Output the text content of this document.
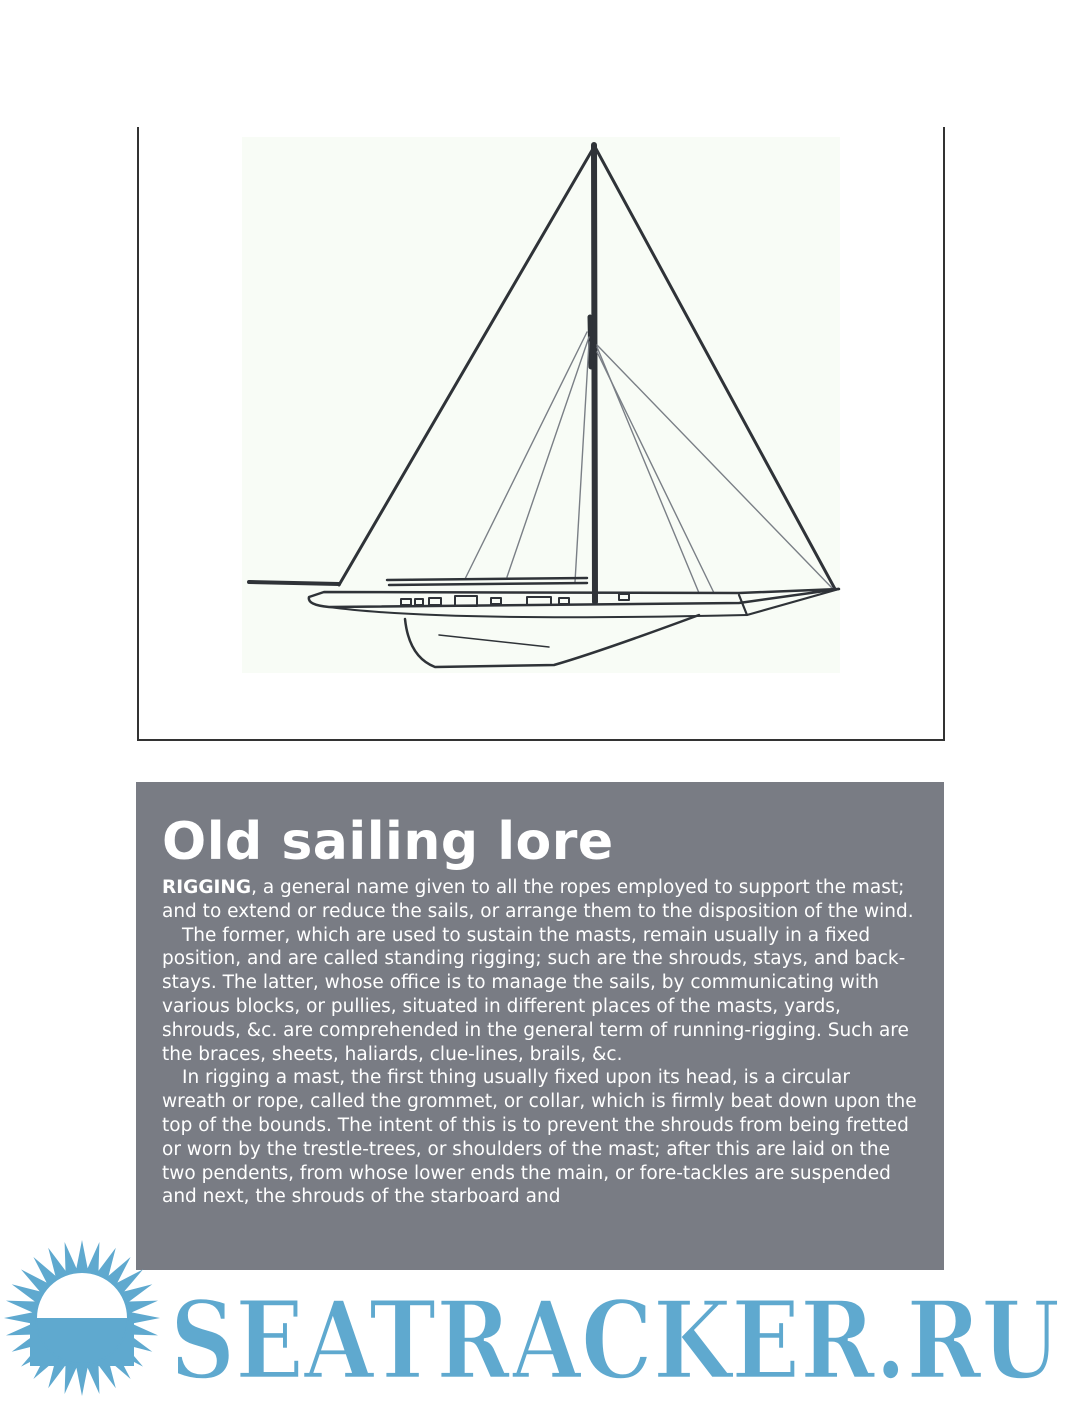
Old sailing lore

RIGGING, a general name given to all the ropes employed to support the mast; and to extend or reduce the sails, or arrange them to the disposition of the wind.

The former, which are used to sustain the masts, remain usually in a fixed position, and are called standing rigging; such are the shrouds, stays, and back-stays. The latter, whose office is to manage the sails, by communicating with various blocks, or pullies, situated in different places of the masts, yards, shrouds, &c. are comprehended in the general term of running-rigging. Such are the braces, sheets, haliards, clue-lines, brails, &c.

In rigging a mast, the first thing usually fixed upon its head, is a circular wreath or rope, called the grommet, or collar, which is firmly beat down upon the top of the bounds. The intent of this is to prevent the shrouds from being fretted or worn by the trestle-trees, or shoulders of the mast; after this are laid on the two pendents, from whose lower ends the main, or fore-tackles are suspended and next, the shrouds of the starboard and

SEATRACKER.RU
